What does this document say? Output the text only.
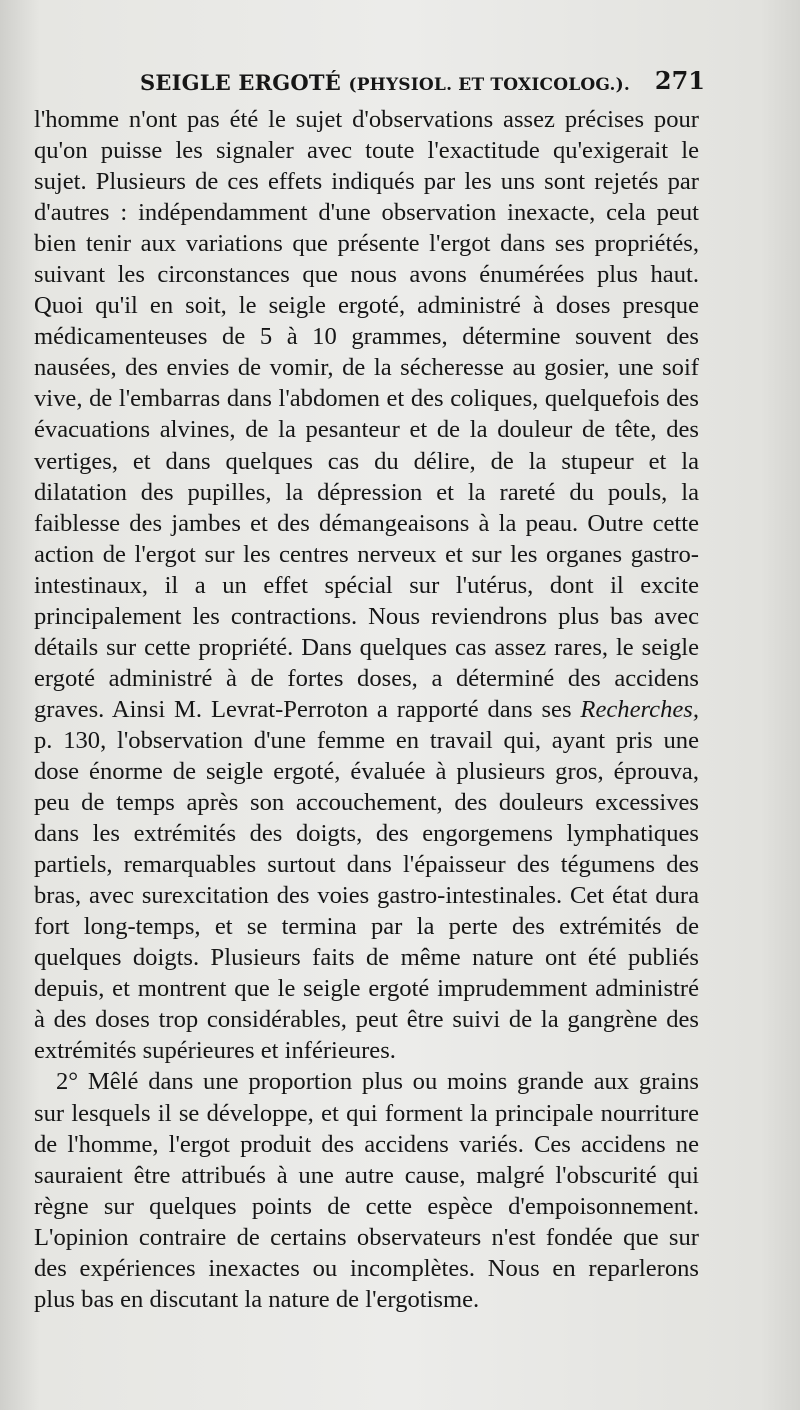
SEIGLE ERGOTÉ (PHYSIOL. ET TOXICOLOG.). 271

l'homme n'ont pas été le sujet d'observations assez précises pour qu'on puisse les signaler avec toute l'exactitude qu'exigerait le sujet. Plusieurs de ces effets indiqués par les uns sont rejetés par d'autres : indépendamment d'une observation inexacte, cela peut bien tenir aux variations que présente l'ergot dans ses propriétés, suivant les circonstances que nous avons énumérées plus haut. Quoi qu'il en soit, le seigle ergoté, administré à doses presque médicamenteuses de 5 à 10 grammes, détermine souvent des nausées, des envies de vomir, de la sécheresse au gosier, une soif vive, de l'embarras dans l'abdomen et des coliques, quelquefois des évacuations alvines, de la pesanteur et de la douleur de tête, des vertiges, et dans quelques cas du délire, de la stupeur et la dilatation des pupilles, la dépression et la rareté du pouls, la faiblesse des jambes et des démangeaisons à la peau. Outre cette action de l'ergot sur les centres nerveux et sur les organes gastro-intestinaux, il a un effet spécial sur l'utérus, dont il excite principalement les contractions. Nous reviendrons plus bas avec détails sur cette propriété. Dans quelques cas assez rares, le seigle ergoté administré à de fortes doses, a déterminé des accidens graves. Ainsi M. Levrat-Perroton a rapporté dans ses Recherches, p. 130, l'observation d'une femme en travail qui, ayant pris une dose énorme de seigle ergoté, évaluée à plusieurs gros, éprouva, peu de temps après son accouchement, des douleurs excessives dans les extrémités des doigts, des engorgemens lymphatiques partiels, remarquables surtout dans l'épaisseur des tégumens des bras, avec surexcitation des voies gastro-intestinales. Cet état dura fort long-temps, et se termina par la perte des extrémités de quelques doigts. Plusieurs faits de même nature ont été publiés depuis, et montrent que le seigle ergoté imprudemment administré à des doses trop considérables, peut être suivi de la gangrène des extrémités supérieures et inférieures.

2° Mêlé dans une proportion plus ou moins grande aux grains sur lesquels il se développe, et qui forment la principale nourriture de l'homme, l'ergot produit des accidens variés. Ces accidens ne sauraient être attribués à une autre cause, malgré l'obscurité qui règne sur quelques points de cette espèce d'empoisonnement. L'opinion contraire de certains observateurs n'est fondée que sur des expériences inexactes ou incomplètes. Nous en reparlerons plus bas en discutant la nature de l'ergotisme.
